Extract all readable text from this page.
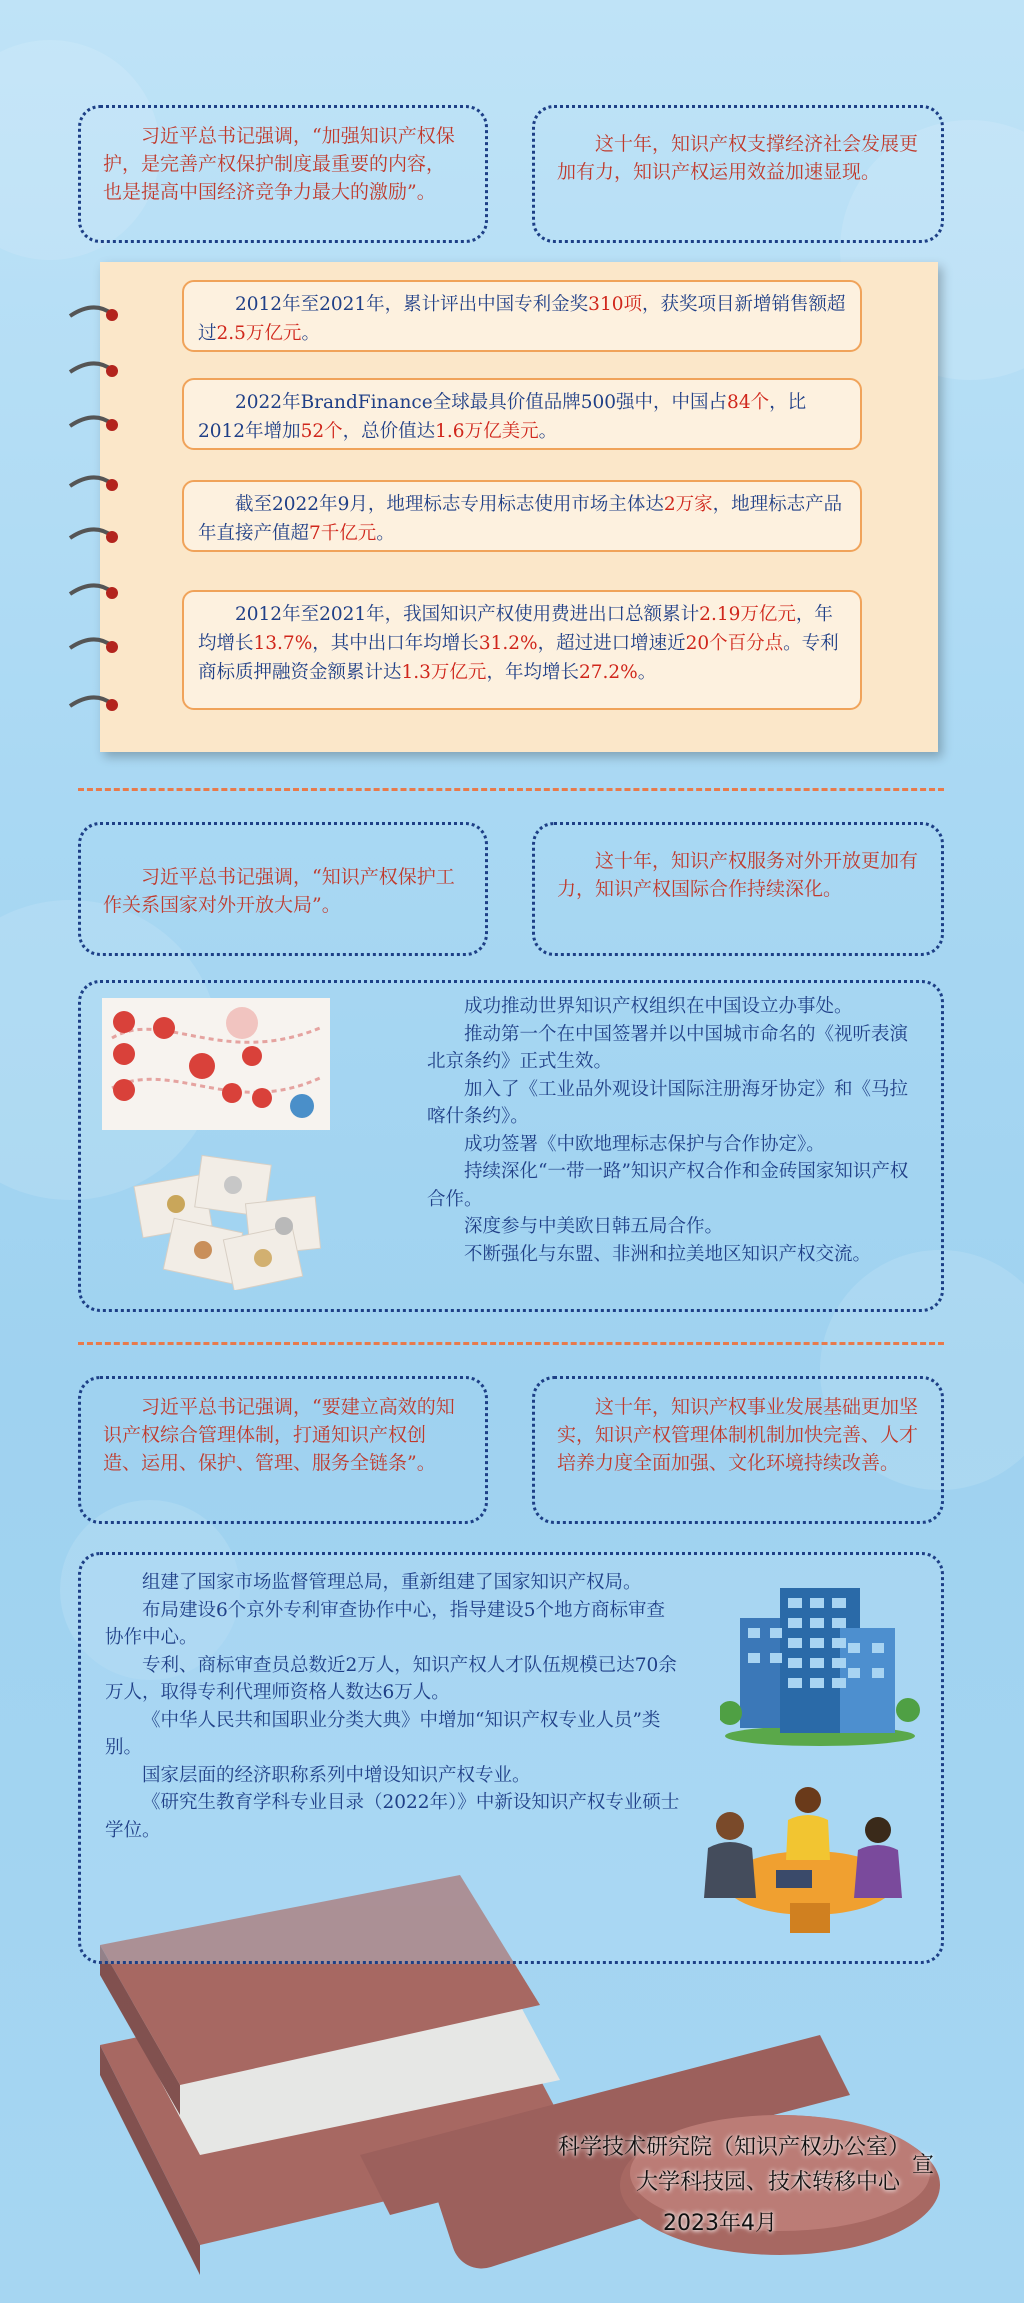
习近平总书记强调，“加强知识产权保护，是完善产权保护制度最重要的内容，也是提高中国经济竞争力最大的激励”。

这十年，知识产权支撑经济社会发展更加有力，知识产权运用效益加速显现。

2012年至2021年，累计评出中国专利金奖310项，获奖项目新增销售额超过2.5万亿元。

2022年BrandFinance全球最具价值品牌500强中，中国占84个，比2012年增加52个，总价值达1.6万亿美元。

截至2022年9月，地理标志专用标志使用市场主体达2万家，地理标志产品年直接产值超7千亿元。

2012年至2021年，我国知识产权使用费进出口总额累计2.19万亿元，年均增长13.7%，其中出口年均增长31.2%，超过进口增速近20个百分点。专利商标质押融资金额累计达1.3万亿元，年均增长27.2%。

习近平总书记强调，“知识产权保护工作关系国家对外开放大局”。

这十年，知识产权服务对外开放更加有力，知识产权国际合作持续深化。

成功推动世界知识产权组织在中国设立办事处。

推动第一个在中国签署并以中国城市命名的《视听表演北京条约》正式生效。

加入了《工业品外观设计国际注册海牙协定》和《马拉喀什条约》。

成功签署《中欧地理标志保护与合作协定》。

持续深化“一带一路”知识产权合作和金砖国家知识产权合作。

深度参与中美欧日韩五局合作。

不断强化与东盟、非洲和拉美地区知识产权交流。

习近平总书记强调，“要建立高效的知识产权综合管理体制，打通知识产权创造、运用、保护、管理、服务全链条”。

这十年，知识产权事业发展基础更加坚实，知识产权管理体制机制加快完善、人才培养力度全面加强、文化环境持续改善。

组建了国家市场监督管理总局，重新组建了国家知识产权局。

布局建设6个京外专利审查协作中心，指导建设5个地方商标审查协作中心。

专利、商标审查员总数近2万人，知识产权人才队伍规模已达70余万人，取得专利代理师资格人数达6万人。

《中华人民共和国职业分类大典》中增加“知识产权专业人员”类别。

国家层面的经济职称系列中增设知识产权专业。

《研究生教育学科专业目录（2022年）》中新设知识产权专业硕士学位。

科学技术研究院（知识产权办公室）
大学科技园、技术转移中心
宣
2023年4月
